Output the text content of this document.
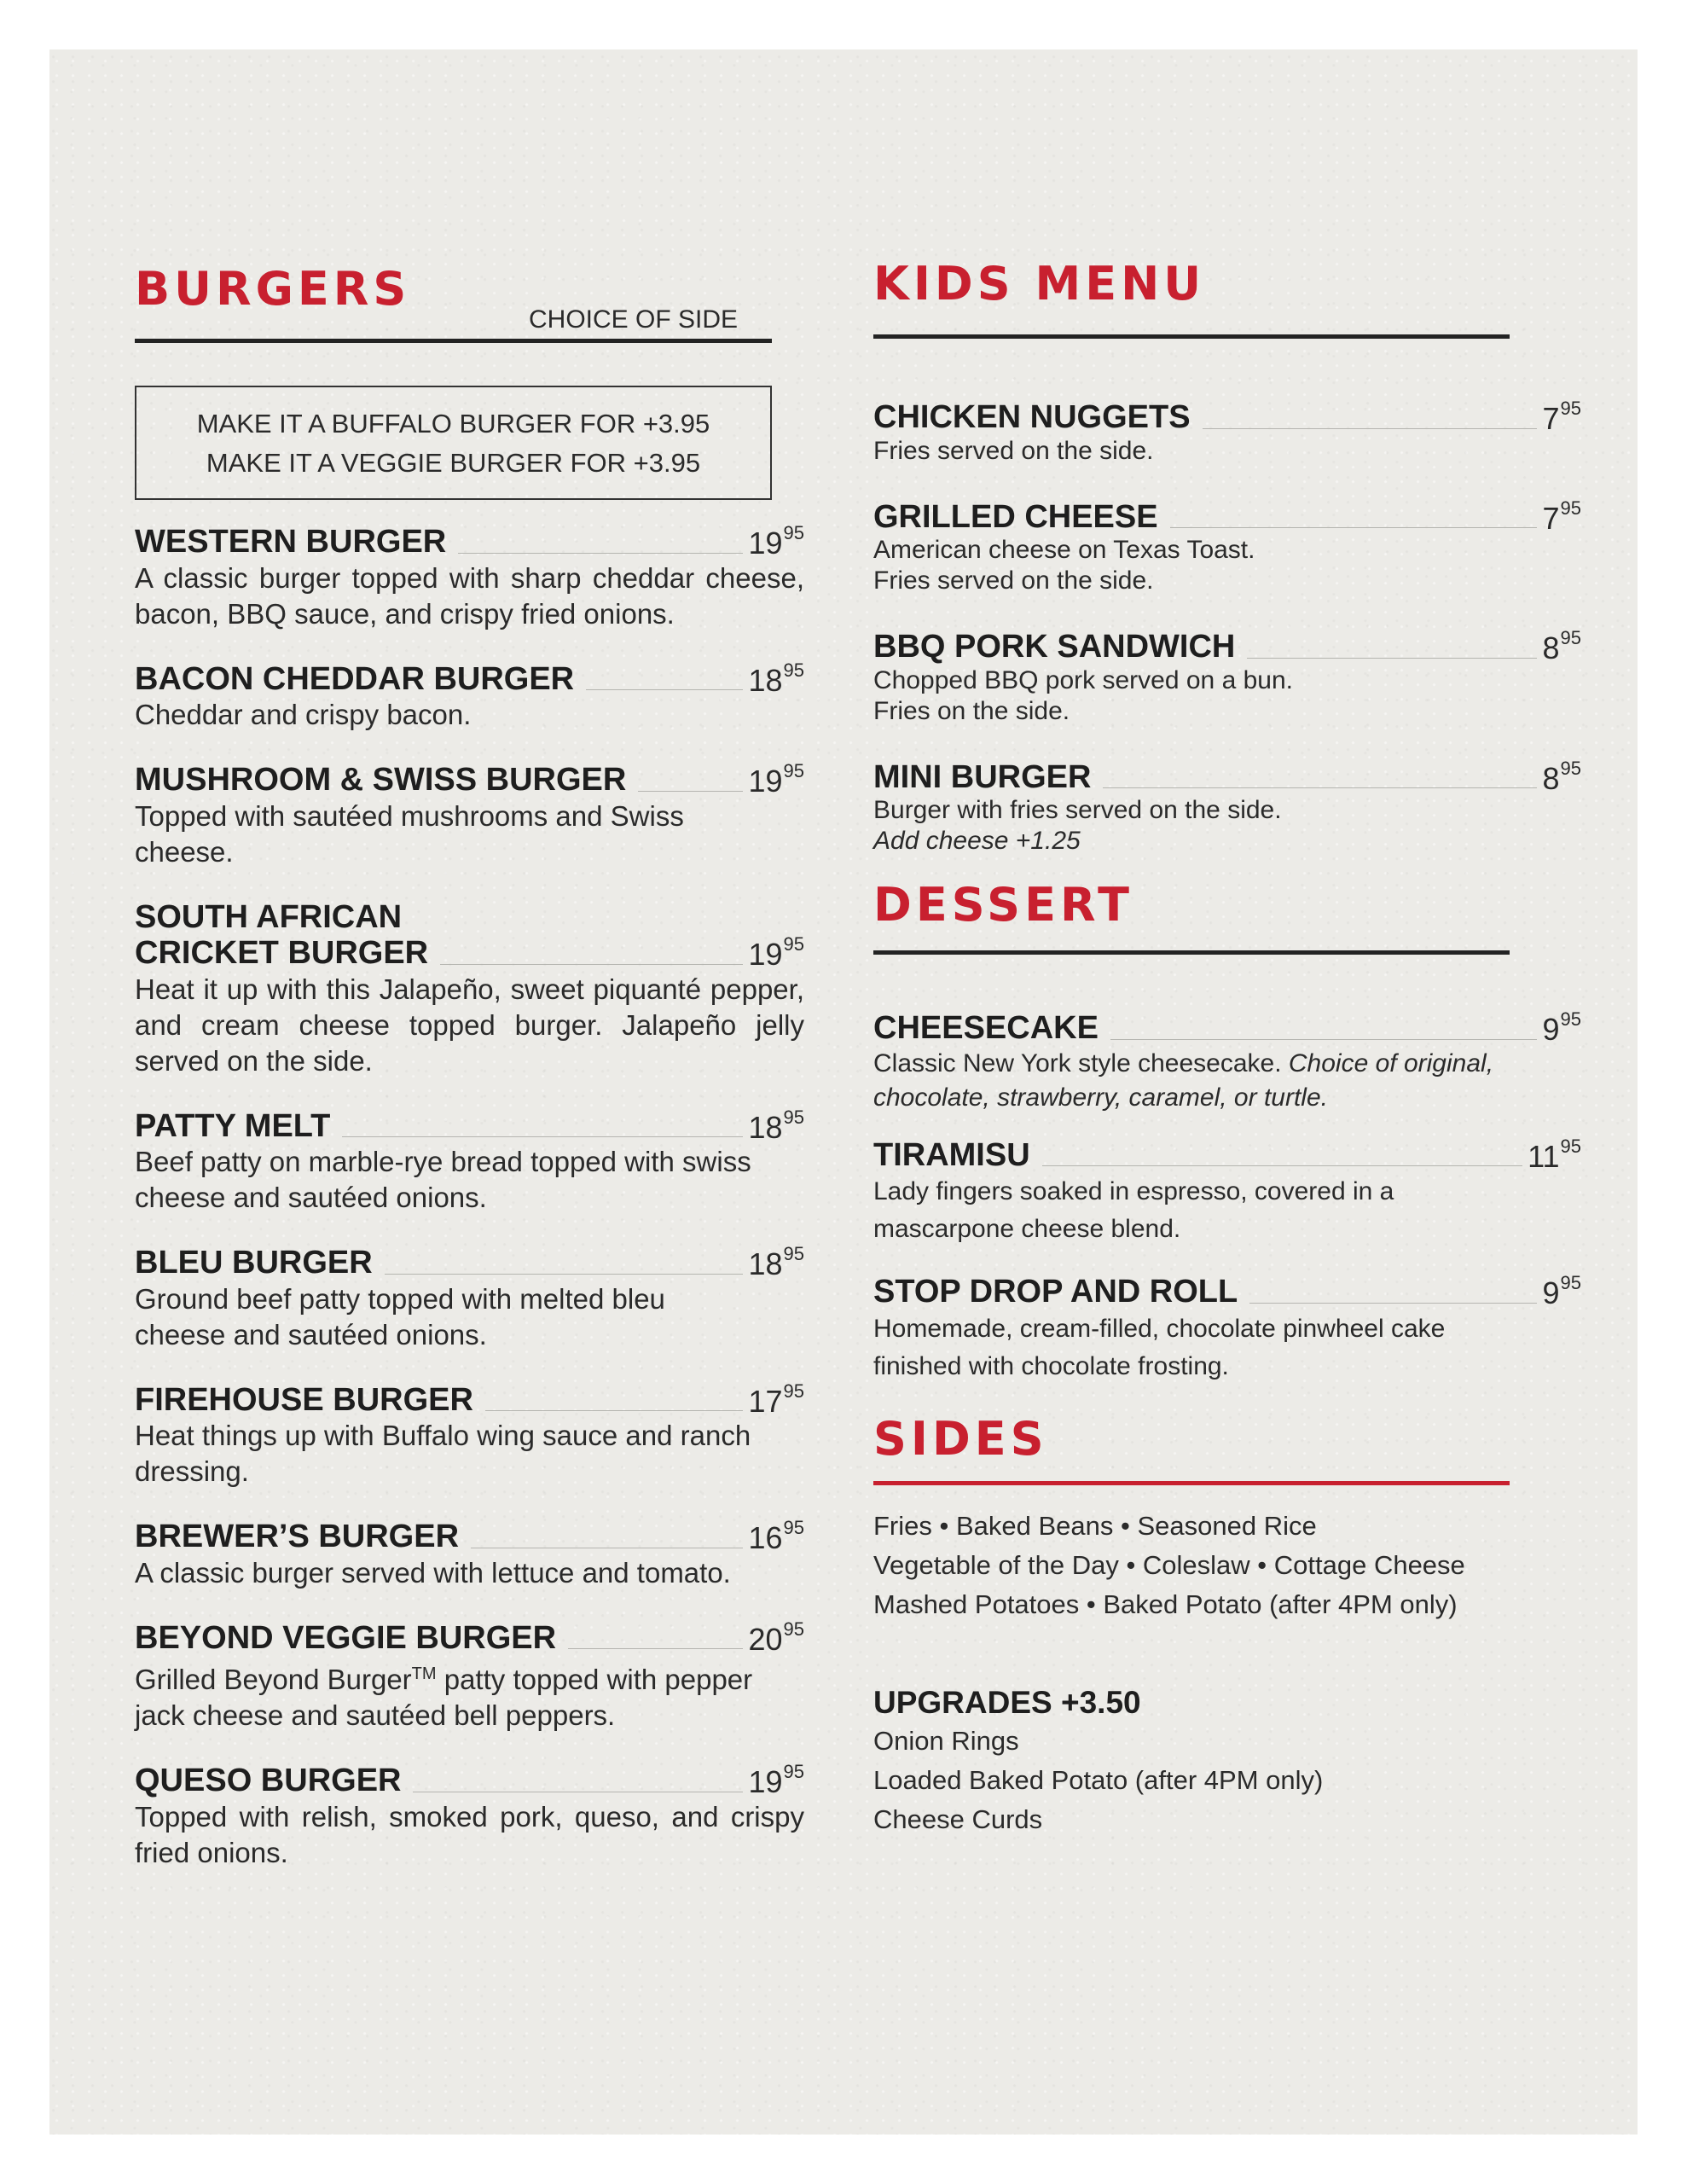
BURGERS
CHOICE OF SIDE
MAKE IT A BUFFALO BURGER FOR +3.95
MAKE IT A VEGGIE BURGER FOR +3.95
WESTERN BURGER	$19^{95}$
A classic burger topped with sharp cheddar cheese, bacon, BBQ sauce, and crispy fried onions.
BACON CHEDDAR BURGER	$18^{95}$
Cheddar and crispy bacon.
MUSHROOM & SWISS BURGER	$19^{95}$
Topped with sautéed mushrooms and Swiss cheese.
SOUTH AFRICAN
CRICKET BURGER	$19^{95}$
Heat it up with this Jalapeño, sweet piquanté pepper, and cream cheese topped burger. Jalapeño jelly served on the side.
PATTY MELT	$18^{95}$
Beef patty on marble-rye bread topped with swiss cheese and sautéed onions.
BLEU BURGER	$18^{95}$
Ground beef patty topped with melted bleu cheese and sautéed onions.
FIREHOUSE BURGER	$17^{95}$
Heat things up with Buffalo wing sauce and ranch dressing.
BREWER’S BURGER	$16^{95}$
A classic burger served with lettuce and tomato.
BEYOND VEGGIE BURGER	$20^{95}$
Grilled Beyond Burger™ patty topped with pepper jack cheese and sautéed bell peppers.
QUESO BURGER	$19^{95}$
Topped with relish, smoked pork, queso, and crispy fried onions.
KIDS MENU
CHICKEN NUGGETS	$7^{95}$
Fries served on the side.
GRILLED CHEESE	$7^{95}$
American cheese on Texas Toast.
Fries served on the side.
BBQ PORK SANDWICH	$8^{95}$
Chopped BBQ pork served on a bun.
Fries on the side.
MINI BURGER	$8^{95}$
Burger with fries served on the side.
Add cheese +1.25
DESSERT
CHEESECAKE	$9^{95}$
Classic New York style cheesecake. Choice of original, chocolate, strawberry, caramel, or turtle.
TIRAMISU	$11^{95}$
Lady fingers soaked in espresso, covered in a
mascarpone cheese blend.
STOP DROP AND ROLL	$9^{95}$
Homemade, cream-filled, chocolate pinwheel cake
finished with chocolate frosting.
SIDES
Fries • Baked Beans • Seasoned Rice
Vegetable of the Day • Coleslaw • Cottage Cheese
Mashed Potatoes • Baked Potato (after 4PM only)
UPGRADES +3.50
Onion Rings
Loaded Baked Potato (after 4PM only)
Cheese Curds
